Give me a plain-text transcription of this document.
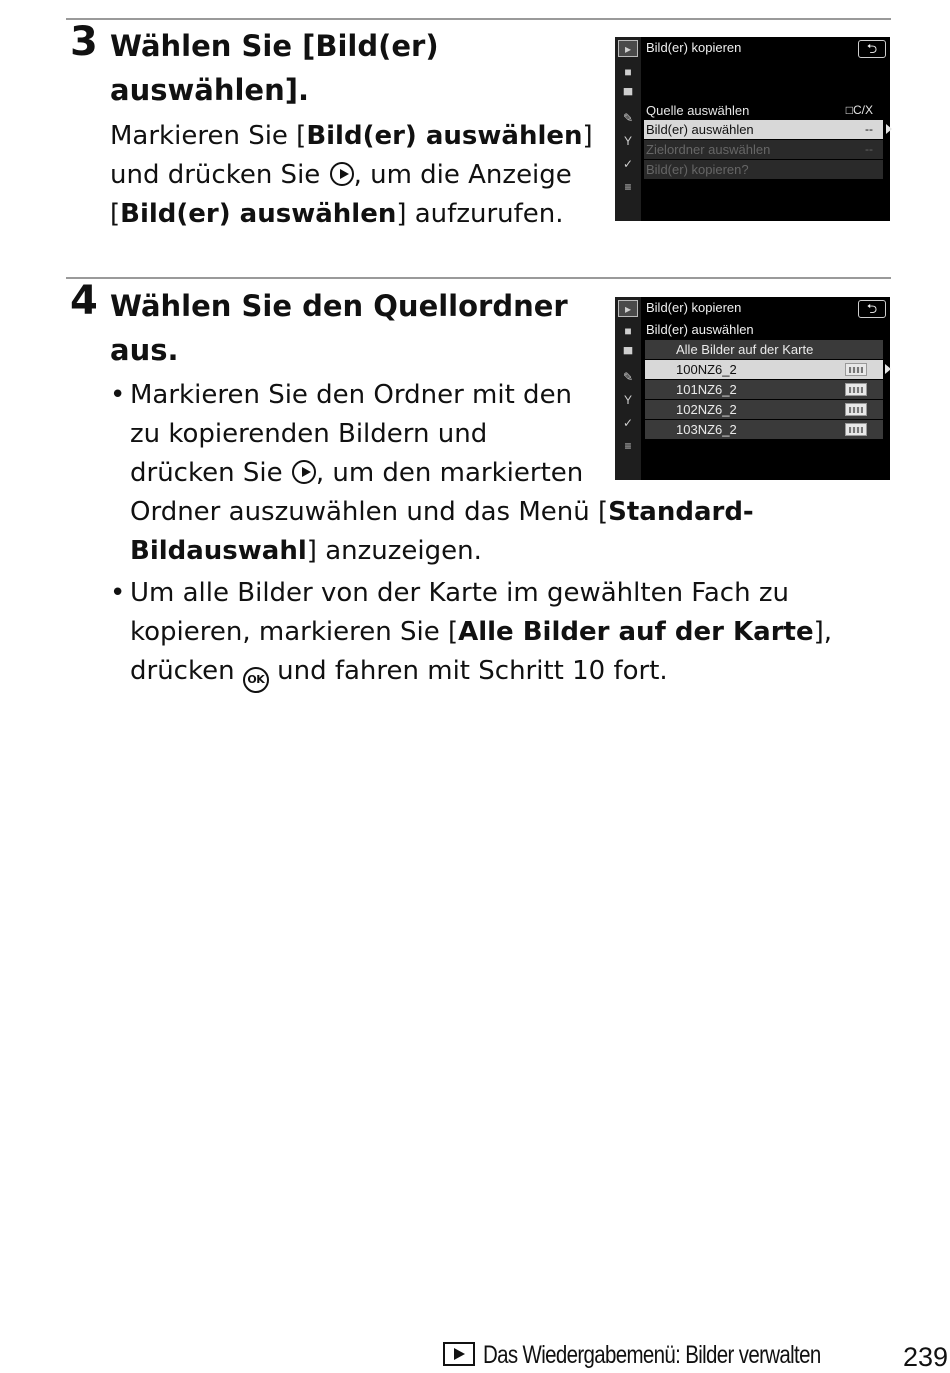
3 Wählen Sie [Bild(er)
auswählen].
Markieren Sie [Bild(er) auswählen]
und drücken Sie , um die Anzeige
[Bild(er) auswählen] aufzurufen.
▸
■
▀
✎
Y
✓
≡
Bild(er) kopieren	⮌
Quelle auswählen	□C/X
Bild(er) auswählen	--
Zielordner auswählen	--
Bild(er) kopieren?
4 Wählen Sie den Quellordner
aus.
• Markieren Sie den Ordner mit den
zu kopierenden Bildern und
drücken Sie , um den markierten
Ordner auszuwählen und das Menü [Standard-
Bildauswahl] anzuzeigen.
• Um alle Bilder von der Karte im gewählten Fach zu
kopieren, markieren Sie [Alle Bilder auf der Karte],
drücken OK und fahren mit Schritt 10 fort.
▸
■
▀
✎
Y
✓
≡
Bild(er) kopieren	⮌
Bild(er) auswählen
Alle Bilder auf der Karte
100NZ6_2
101NZ6_2
102NZ6_2
103NZ6_2
Das Wiedergabemenü: Bilder verwalten	239
